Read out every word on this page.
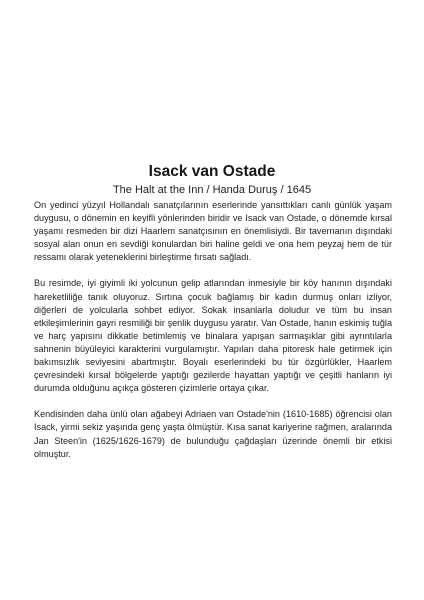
Isack van Ostade
The Halt at the Inn / Handa Duruş / 1645

On yedinci yüzyıl Hollandalı sanatçılarının eserlerinde yansıttıkları canlı günlük yaşam duygusu, o dönemin en keyifli yönlerinden biridir ve Isack van Ostade, o dönemde kırsal yaşamı resmeden bir dizi Haarlem sanatçısının en önemlisiydi. Bir tavernanın dışındaki sosyal alan onun en sevdiği konulardan biri haline geldi ve ona hem peyzaj hem de tür ressamı olarak yeteneklerini birleştirme fırsatı sağladı.

Bu resimde, iyi giyimli iki yolcunun gelip atlarından inmesiyle bir köy hanının dışındaki hareketliliğe tanık oluyoruz. Sırtına çocuk bağlamış bir kadın durmuş onları izliyor, diğerleri de yolcularla sohbet ediyor. Sokak insanlarla doludur ve tüm bu insan etkileşimlerinin gayri resmiliği bir şenlik duygusu yaratır. Van Ostade, hanın eskimiş tuğla ve harç yapısını dikkatle betimlemiş ve binalara yapışan sarmaşıklar gibi ayrıntılarla sahnenin büyüleyici karakterini vurgulamıştır. Yapıları daha pitoresk hale getirmek için bakımsızlık seviyesini abartmıştır. Boyalı eserlerindeki bu tür özgürlükler, Haarlem çevresindeki kırsal bölgelerde yaptığı gezilerde hayattan yaptığı ve çeşitli hanların iyi durumda olduğunu açıkça gösteren çizimlerle ortaya çıkar.

Kendisinden daha ünlü olan ağabeyi Adriaen van Ostade'nin (1610-1685) öğrencisi olan Isack, yirmi sekiz yaşında genç yaşta ölmüştür. Kısa sanat kariyerine rağmen, aralarında Jan Steen'in (1625/1626-1679) de bulunduğu çağdaşları üzerinde önemli bir etkisi olmuştur.
